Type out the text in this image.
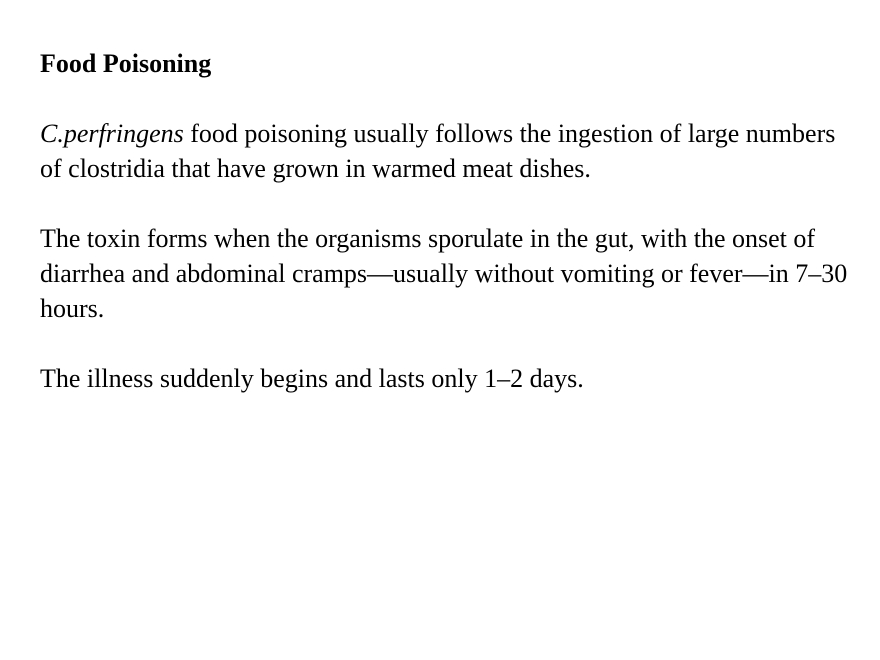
Food Poisoning

C.perfringens food poisoning usually follows the ingestion of large numbers of clostridia that have grown in warmed meat dishes.

The toxin forms when the organisms sporulate in the gut, with the onset of diarrhea and abdominal cramps—usually without vomiting or fever—in 7–30 hours.

The illness suddenly begins and lasts only 1–2 days.
